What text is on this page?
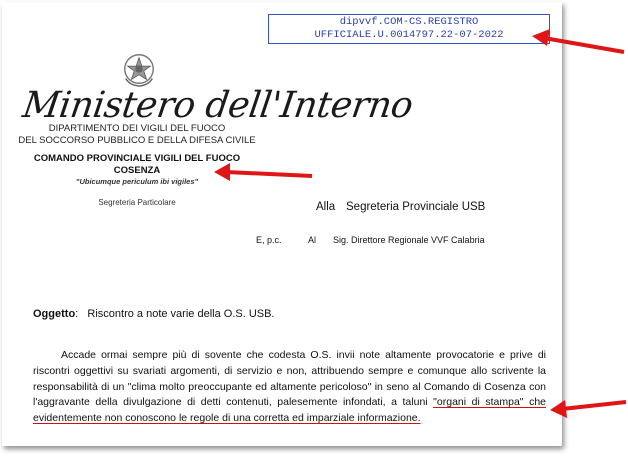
dipvvf.COM-CS.REGISTRO
UFFICIALE.U.0014797.22-07-2022
Ministero dell'Interno
DIPARTIMENTO DEI VIGILI DEL FUOCO
DEL SOCCORSO PUBBLICO E DELLA DIFESA CIVILE
COMANDO PROVINCIALE VIGILI DEL FUOCO
COSENZA
"Ubicumque periculum ibi vigiles"
Segreteria Particolare	Alla Segreteria Provinciale USB
E, p.c.	Al Sig. Direttore Regionale VVF Calabria
Oggetto: Riscontro a note varie della O.S. USB.
Accade ormai sempre più di sovente che codesta O.S. invii note altamente provocatorie e prive di riscontri oggettivi su svariati argomenti, di servizio e non, attribuendo sempre e comunque allo scrivente la responsabilità di un "clima molto preoccupante ed altamente pericoloso" in seno al Comando di Cosenza con l'aggravante della divulgazione di detti contenuti, palesemente infondati, a taluni "organi di stampa" che evidentemente non conoscono le regole di una corretta ed imparziale informazione.
